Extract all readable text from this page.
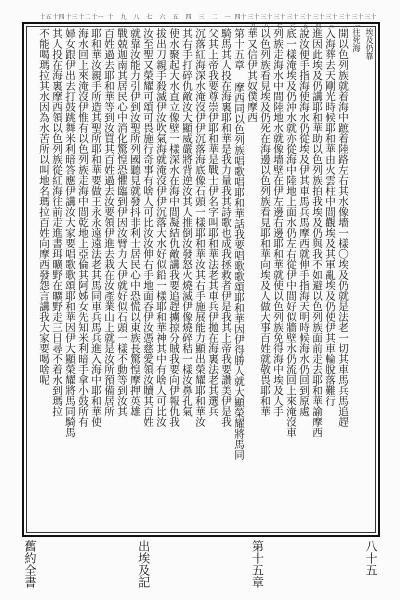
三十
三十一
三十二
三十三
三十四
三十五
三十六
三十七
三十八
三十九
四十
一
二
三
四
五
六
七
八
九
十
十一
十二
十三
十四
十五
埃及仍靠
往死海
開以色列族就着海中蹠着陸路左右其水像墻一樣〇埃及仍就是法老一切其車馬兵馬追趕
入海葬去天剛光時候耶和華由火雲柱中間觀埃及其軍亂埃及仍使伊其車輪脫落難行
進因此埃及仍講耶和華助以色列族拍我埃及仍與我不如避以色列族面前走去耶和華諭摩西
說汝便手指海使海水仍從埃及伊其車馬兵馬摩西就伸手指海天明時候海水仍回到原處
底一樣淹埃及仍沖水就亦從海中陸地上面水仍左右從伊中間好似牆壁水仍流回上來淹沒車
列族走海水中間陸地水就像墻壁在伊左邊右邊耶和華就使以色列族免得海中埃及人手
以色列族看見埃及仍死在海邊以色列族看見耶和華向埃及人做大事百姓就敬畏耶和華
華又信伊其奴僕摩西
第十五章 摩西同以色列族唱歌唱耶和華話我要唱歌歌頌耶和華因伊得勝人就大顯榮耀將馬同
騎馬其人投在海裏耶和華是我力量我其詩歌也成我拯救者伊是我其上帝我要讚美伊是我
父其上帝我要尊崇伊耶和華是戰士伊名字叫耶和華法老其車兵伊拋在海裏法老其選兵
沉落紅海深水淹沒伊伊沉落海底像石頭一樣耶和華汝其右手施展能力顯出榮耀耶和華汝
其右手打碎仇敵汝大顯威嚴將背逆汝其人推倒汝發怒火燒滅伊像燒碎秸一樣汝鼻孔氣
使水聚起大水直立像壁一樣深水在海中間凝結仇敵講我要追趕擄掠分賊我要向伊報仇我
拔出刀親手殺滅伊汝吹氣海就淹沒伊伊沉落大水好似鉛一樣耶和華神其中有啥人可比汝
汝至聖又榮耀可頌可畏施行奇事有啥人可比汝汝伸右手地面吞伊汝憑慈愛領汝贖其百姓
就靠汝能力引伊到汝聖所列國聽見就發抖非利士居民心中恐慌以東族長驚惶摩押英雄
戰兢迦南其居民心中消化驚惶恐懼臨到伊因汝臂力大伊就好似石頭一樣不動等到汝其
百姓過去耶和華等到汝買其百姓過去汝要領伊進去栽在汝產業山上就是汝所預備居所
耶和華汝親手所造其聖所耶和華要做王永永遠遠法老其馬同車兵馬兵進入海中耶和華使
海水回上來淹沒伊惟有以色列族走海中間乾地上亞倫其阿姊女先知米利暗手拿小鼓所有
婦女跟伊出去打鼓跳舞米利暗答應伊講汝大家要唱歌歌頌耶和華因伊大顯榮耀將馬同騎馬
其人投在海裏摩西領以色列族從紅海往前走進書珥曠野在曠野走三日尋不着水到瑪拉
不能喝瑪拉其水因為水苦所以叫地名瑪拉百姓向摩西發怨言講我大家要喝啥呢
舊約全書	出埃及記	第十五章	八十五
